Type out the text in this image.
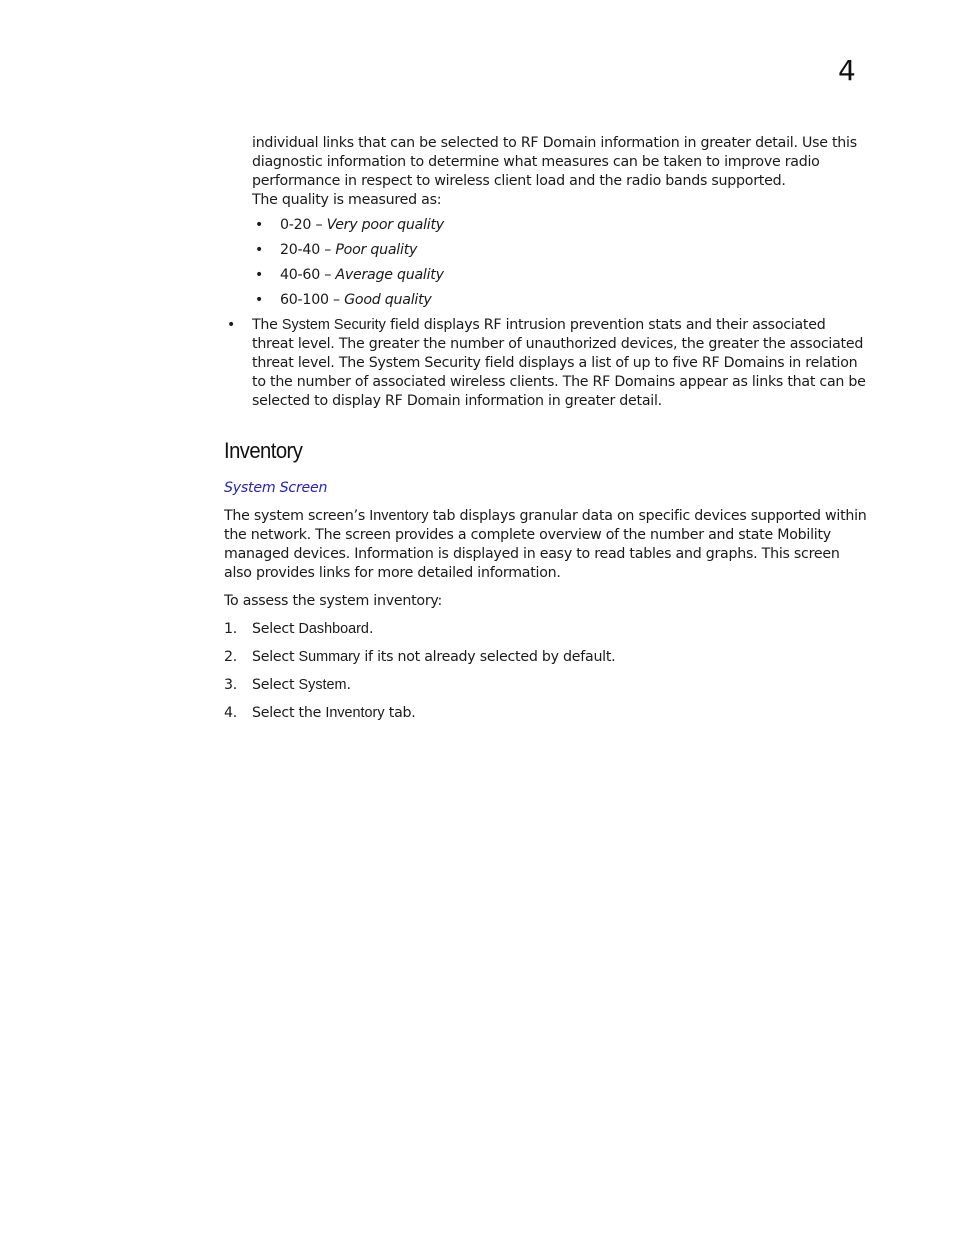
4

individual links that can be selected to RF Domain information in greater detail. Use this diagnostic information to determine what measures can be taken to improve radio performance in respect to wireless client load and the radio bands supported.

The quality is measured as:

• 0-20 – Very poor quality
• 20-40 – Poor quality
• 40-60 – Average quality
• 60-100 – Good quality
• The System Security field displays RF intrusion prevention stats and their associated threat level. The greater the number of unauthorized devices, the greater the associated threat level. The System Security field displays a list of up to five RF Domains in relation to the number of associated wireless clients. The RF Domains appear as links that can be selected to display RF Domain information in greater detail.
Inventory
System Screen

The system screen’s Inventory tab displays granular data on specific devices supported within the network. The screen provides a complete overview of the number and state Mobility managed devices. Information is displayed in easy to read tables and graphs. This screen also provides links for more detailed information.

To assess the system inventory:

1. Select Dashboard.
2. Select Summary if its not already selected by default.
3. Select System.
4. Select the Inventory tab.
